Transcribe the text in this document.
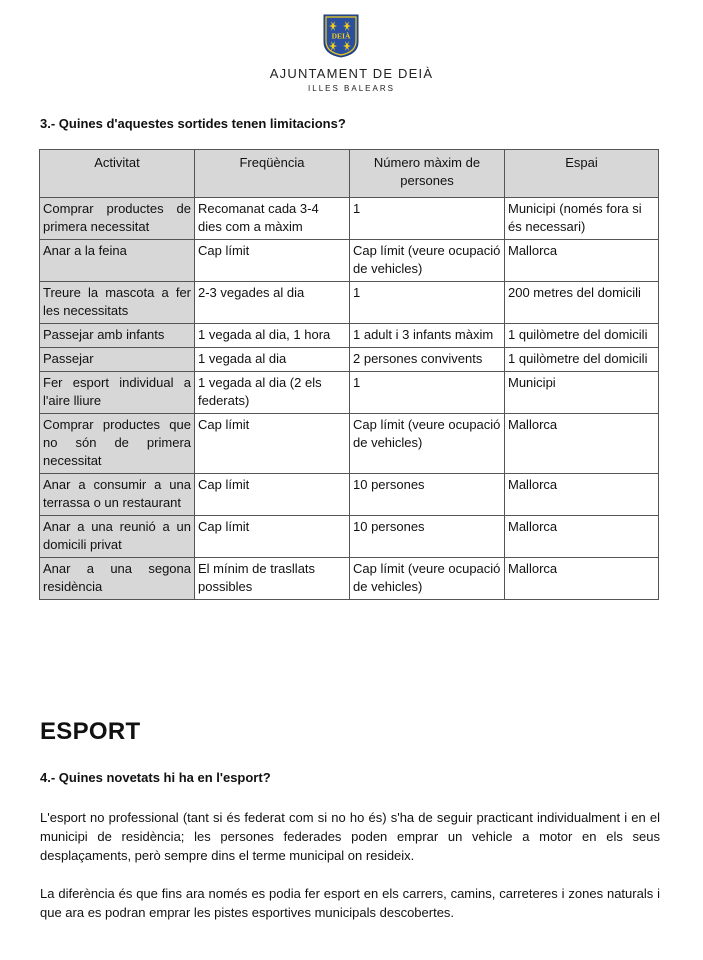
DEIÀ
AJUNTAMENT DE DEIÀ
ILLES BALEARS
3.- Quines d'aquestes sortides tenen limitacions?
Activitat	Freqüència	Número màxim de persones	Espai
Comprar productes de primera necessitat	Recomanat cada 3-4 dies com a màxim	1	Municipi (només fora si és necessari)
Anar a la feina	Cap límit	Cap límit (veure ocupació de vehicles)	Mallorca
Treure la mascota a fer les necessitats	2-3 vegades al dia	1	200 metres del domicili
Passejar amb infants	1 vegada al dia, 1 hora	1 adult i 3 infants màxim	1 quilòmetre del domicili
Passejar	1 vegada al dia	2 persones convivents	1 quilòmetre del domicili
Fer esport individual a l'aire lliure	1 vegada al dia (2 els federats)	1	Municipi
Comprar productes que no són de primera necessitat	Cap límit	Cap límit (veure ocupació de vehicles)	Mallorca
Anar a consumir a una terrassa o un restaurant	Cap límit	10 persones	Mallorca
Anar a una reunió a un domicili privat	Cap límit	10 persones	Mallorca
Anar a una segona residència	El mínim de trasllats possibles	Cap límit (veure ocupació de vehicles)	Mallorca
ESPORT
4.- Quines novetats hi ha en l'esport?

L'esport no professional (tant si és federat com si no ho és) s'ha de seguir practicant individualment i en el municipi de residència; les persones federades poden emprar un vehicle a motor en els seus desplaçaments, però sempre dins el terme municipal on resideix.

La diferència és que fins ara només es podia fer esport en els carrers, camins, carreteres i zones naturals i que ara es podran emprar les pistes esportives municipals descobertes.
